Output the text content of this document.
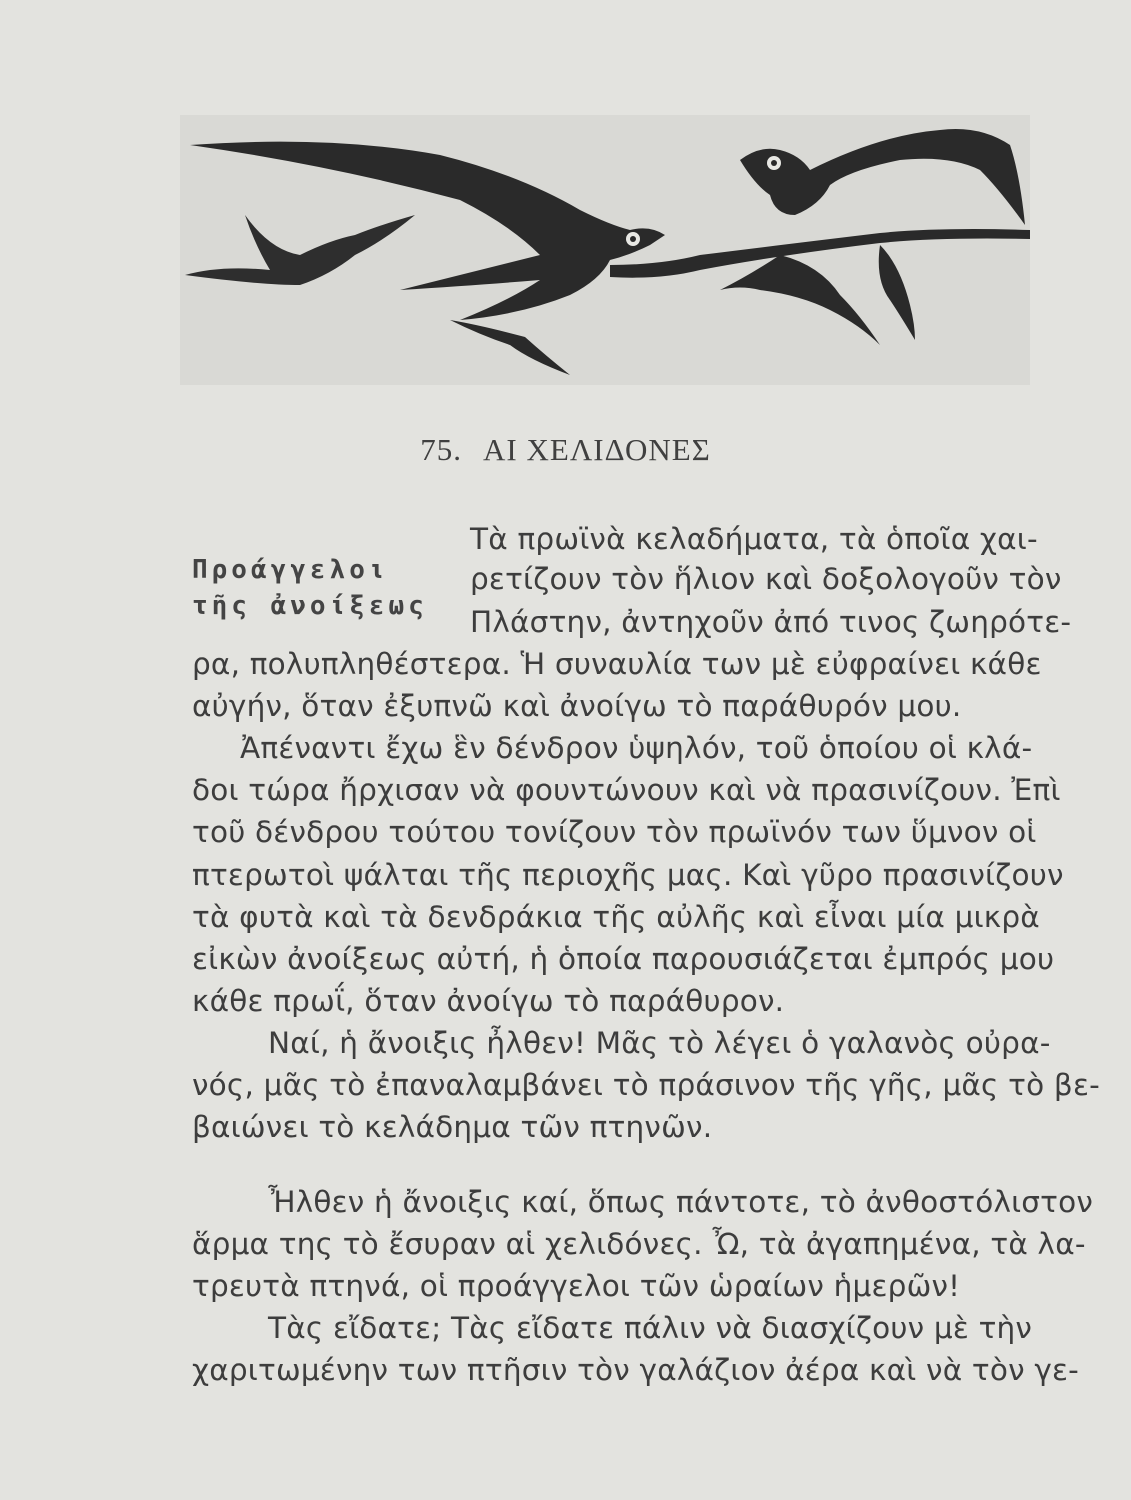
75. ΑΙ ΧΕΛΙΔΟΝΕΣ
Πρoάγγελοι
τῆς ἀνοίξεως
Τὰ πρωϊνὰ κελαδήματα, τὰ ὁποῖα χαι-
ρετίζουν τὸν ἥλιον καὶ δοξολογοῦν τὸν
Πλάστην, ἀντηχοῦν ἀπό τινος ζωηρότε-
ρα, πολυπληθέστερα. Ἡ συναυλία των μὲ εὐφραίνει κάθε
αὐγήν, ὅταν ἐξυπνῶ καὶ ἀνοίγω τὸ παράθυρόν μου.
Ἀπέναντι ἔχω ἓν δένδρον ὑψηλόν, τοῦ ὁποίου οἱ κλά-
δοι τώρα ἤρχισαν νὰ φουντώνουν καὶ νὰ πρασινίζουν. Ἐπὶ
τοῦ δένδρου τούτου τονίζουν τὸν πρωϊνόν των ὕμνον οἱ
πτερωτοὶ ψάλται τῆς περιοχῆς μας. Καὶ γῦρο πρασινίζουν
τὰ φυτὰ καὶ τὰ δενδράκια τῆς αὐλῆς καὶ εἶναι μία μικρὰ
εἰκὼν ἀνοίξεως αὐτή, ἡ ὁποία παρουσιάζεται ἐμπρός μου
κάθε πρωΐ, ὅταν ἀνοίγω τὸ παράθυρον.
Ναί, ἡ ἄνοιξις ἦλθεν! Μᾶς τὸ λέγει ὁ γαλανὸς οὐρα-
νός, μᾶς τὸ ἐπαναλαμβάνει τὸ πράσινον τῆς γῆς, μᾶς τὸ βε-
βαιώνει τὸ κελάδημα τῶν πτηνῶν.
Ἦλθεν ἡ ἄνοιξις καί, ὅπως πάντοτε, τὸ ἀνθοστόλιστον
ἅρμα της τὸ ἔσυραν αἱ χελιδόνες. Ὦ, τὰ ἀγαπημένα, τὰ λα-
τρευτὰ πτηνά, οἱ προάγγελοι τῶν ὡραίων ἡμερῶν!
Τὰς εἴδατε; Τὰς εἴδατε πάλιν νὰ διασχίζουν μὲ τὴν
χαριτωμένην των πτῆσιν τὸν γαλάζιον ἀέρα καὶ νὰ τὸν γε-
